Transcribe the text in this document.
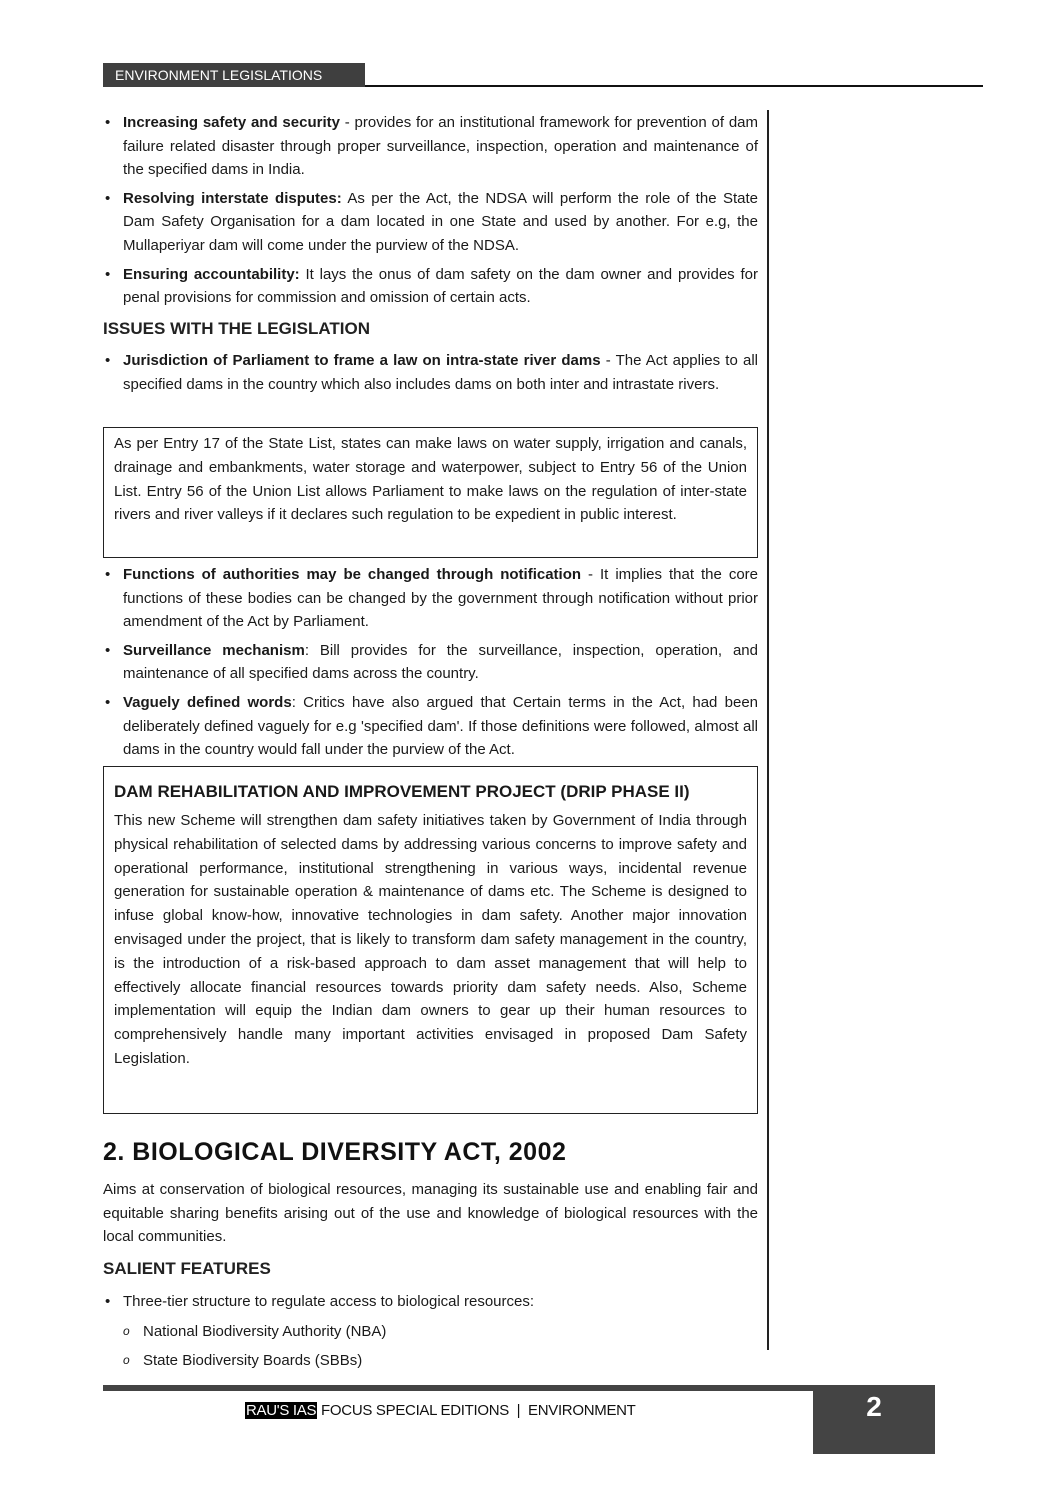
ENVIRONMENT LEGISLATIONS
• Increasing safety and security - provides for an institutional framework for prevention of dam failure related disaster through proper surveillance, inspection, operation and maintenance of the specified dams in India.
• Resolving interstate disputes: As per the Act, the NDSA will perform the role of the State Dam Safety Organisation for a dam located in one State and used by another. For e.g, the Mullaperiyar dam will come under the purview of the NDSA.
• Ensuring accountability: It lays the onus of dam safety on the dam owner and provides for penal provisions for commission and omission of certain acts.
ISSUES WITH THE LEGISLATION
• Jurisdiction of Parliament to frame a law on intra-state river dams - The Act applies to all specified dams in the country which also includes dams on both inter and intrastate rivers.
As per Entry 17 of the State List, states can make laws on water supply, irrigation and canals, drainage and embankments, water storage and waterpower, subject to Entry 56 of the Union List. Entry 56 of the Union List allows Parliament to make laws on the regulation of inter-state rivers and river valleys if it declares such regulation to be expedient in public interest.
• Functions of authorities may be changed through notification - It implies that the core functions of these bodies can be changed by the government through notification without prior amendment of the Act by Parliament.
• Surveillance mechanism: Bill provides for the surveillance, inspection, operation, and maintenance of all specified dams across the country.
• Vaguely defined words: Critics have also argued that Certain terms in the Act, had been deliberately defined vaguely for e.g 'specified dam'. If those definitions were followed, almost all dams in the country would fall under the purview of the Act.
DAM REHABILITATION AND IMPROVEMENT PROJECT (DRIP PHASE II)
This new Scheme will strengthen dam safety initiatives taken by Government of India through physical rehabilitation of selected dams by addressing various concerns to improve safety and operational performance, institutional strengthening in various ways, incidental revenue generation for sustainable operation & maintenance of dams etc. The Scheme is designed to infuse global know-how, innovative technologies in dam safety. Another major innovation envisaged under the project, that is likely to transform dam safety management in the country, is the introduction of a risk-based approach to dam asset management that will help to effectively allocate financial resources towards priority dam safety needs. Also, Scheme implementation will equip the Indian dam owners to gear up their human resources to comprehensively handle many important activities envisaged in proposed Dam Safety Legislation.
2. BIOLOGICAL DIVERSITY ACT, 2002
Aims at conservation of biological resources, managing its sustainable use and enabling fair and equitable sharing benefits arising out of the use and knowledge of biological resources with the local communities.
SALIENT FEATURES
• Three-tier structure to regulate access to biological resources:
o National Biodiversity Authority (NBA)
o State Biodiversity Boards (SBBs)
RAU'S IAS FOCUS SPECIAL EDITIONS  |  ENVIRONMENT	2
